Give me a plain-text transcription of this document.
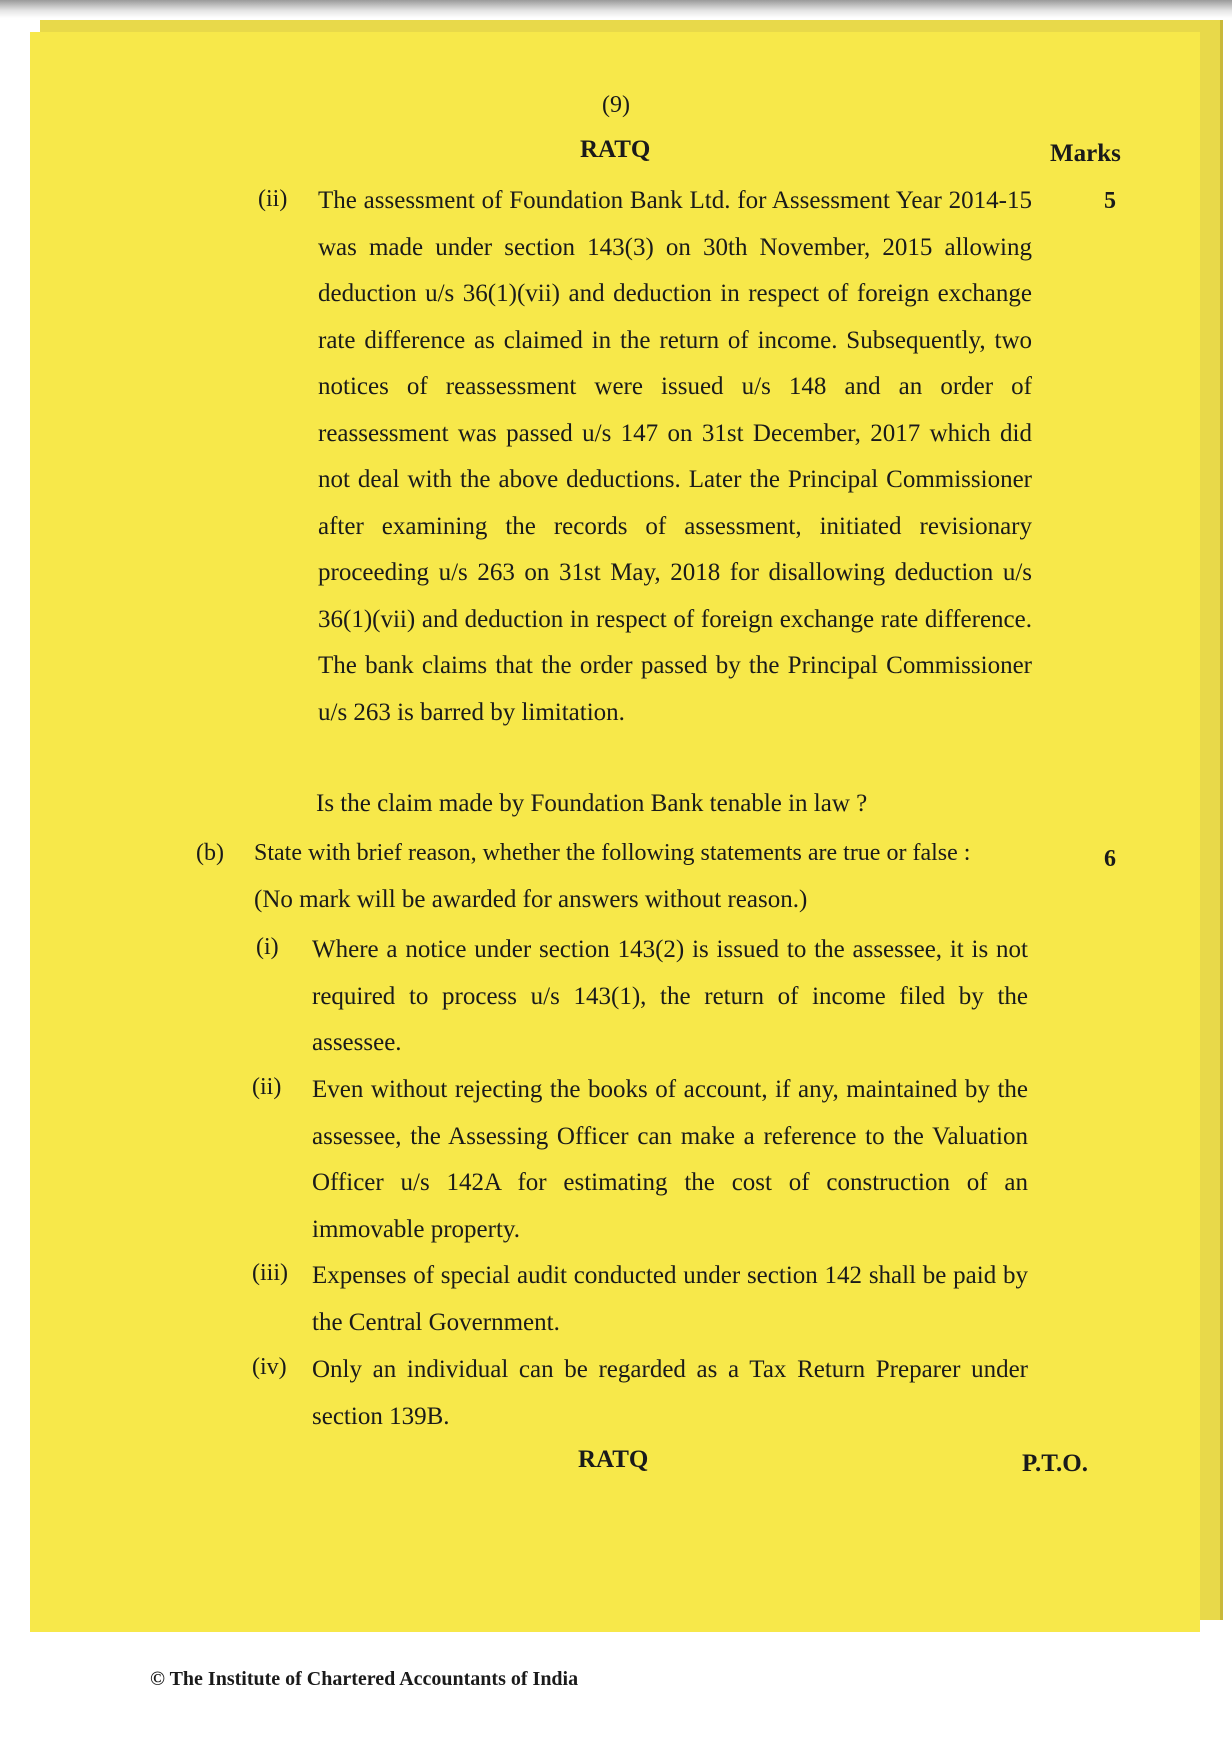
(9)
RATQ	Marks
(ii)	5

The assessment of Foundation Bank Ltd. for Assessment Year 2014-15 was made under section 143(3) on 30th November, 2015 allowing deduction u/s 36(1)(vii) and deduction in respect of foreign exchange rate difference as claimed in the return of income. Subsequently, two notices of reassessment were issued u/s 148 and an order of reassessment was passed u/s 147 on 31st December, 2017 which did not deal with the above deductions. Later the Principal Commissioner after examining the records of assessment, initiated revisionary proceeding u/s 263 on 31st May, 2018 for disallowing deduction u/s 36(1)(vii) and deduction in respect of foreign exchange rate difference. The bank claims that the order passed by the Principal Commissioner u/s 263 is barred by limitation.

Is the claim made by Foundation Bank tenable in law ?

(b)	6

State with brief reason, whether the following statements are true or false :

(No mark will be awarded for answers without reason.)

(i) Where a notice under section 143(2) is issued to the assessee, it is not required to process u/s 143(1), the return of income filed by the assessee.

(ii) Even without rejecting the books of account, if any, maintained by the assessee, the Assessing Officer can make a reference to the Valuation Officer u/s 142A for estimating the cost of construction of an immovable property.

(iii) Expenses of special audit conducted under section 142 shall be paid by the Central Government.

(iv) Only an individual can be regarded as a Tax Return Preparer under section 139B.

RATQ	P.T.O.
© The Institute of Chartered Accountants of India
